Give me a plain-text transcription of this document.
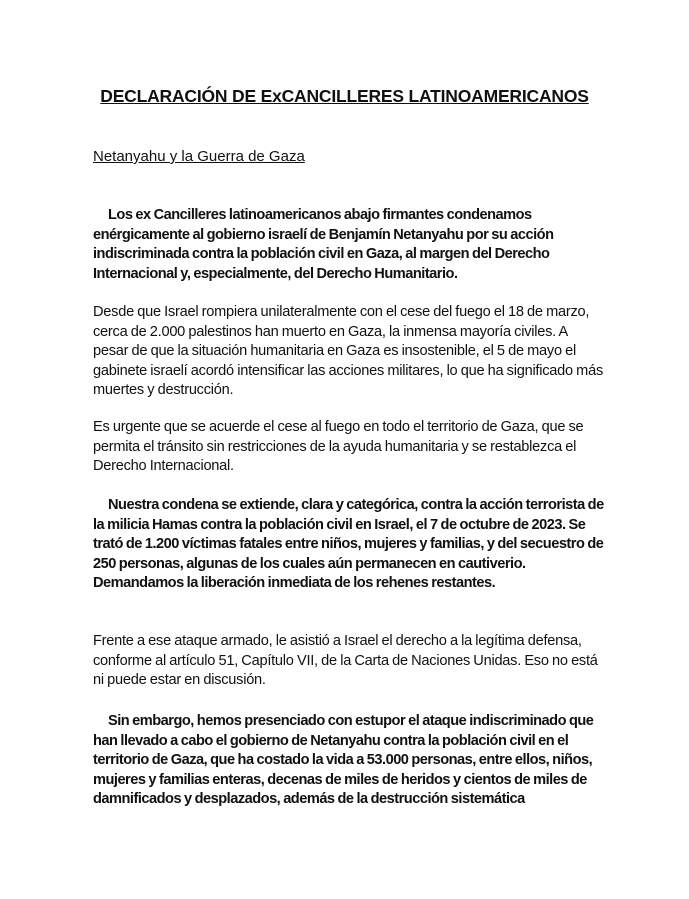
DECLARACIÓN DE ExCANCILLERES LATINOAMERICANOS

Netanyahu y la Guerra de Gaza

Los ex Cancilleres latinoamericanos abajo firmantes condenamos enérgicamente al gobierno israelí de Benjamín Netanyahu por su acción indiscriminada contra la población civil en Gaza, al margen del Derecho Internacional y, especialmente, del Derecho Humanitario.

Desde que Israel rompiera unilateralmente con el cese del fuego el 18 de marzo, cerca de 2.000 palestinos han muerto en Gaza, la inmensa mayoría civiles. A pesar de que la situación humanitaria en Gaza es insostenible, el 5 de mayo el gabinete israelí acordó intensificar las acciones militares, lo que ha significado más muertes y destrucción.

Es urgente que se acuerde el cese al fuego en todo el territorio de Gaza, que se permita el tránsito sin restricciones de la ayuda humanitaria y se restablezca el Derecho Internacional.

Nuestra condena se extiende, clara y categórica, contra la acción terrorista de la milicia Hamas contra la población civil en Israel, el 7 de octubre de 2023. Se trató de 1.200 víctimas fatales entre niños, mujeres y familias, y del secuestro de 250 personas, algunas de los cuales aún permanecen en cautiverio. Demandamos la liberación inmediata de los rehenes restantes.

Frente a ese ataque armado, le asistió a Israel el derecho a la legítima defensa, conforme al artículo 51, Capítulo VII, de la Carta de Naciones Unidas. Eso no está ni puede estar en discusión.

Sin embargo, hemos presenciado con estupor el ataque indiscriminado que han llevado a cabo el gobierno de Netanyahu contra la población civil en el territorio de Gaza, que ha costado la vida a 53.000 personas, entre ellos, niños, mujeres y familias enteras, decenas de miles de heridos y cientos de miles de damnificados y desplazados, además de la destrucción sistemática
